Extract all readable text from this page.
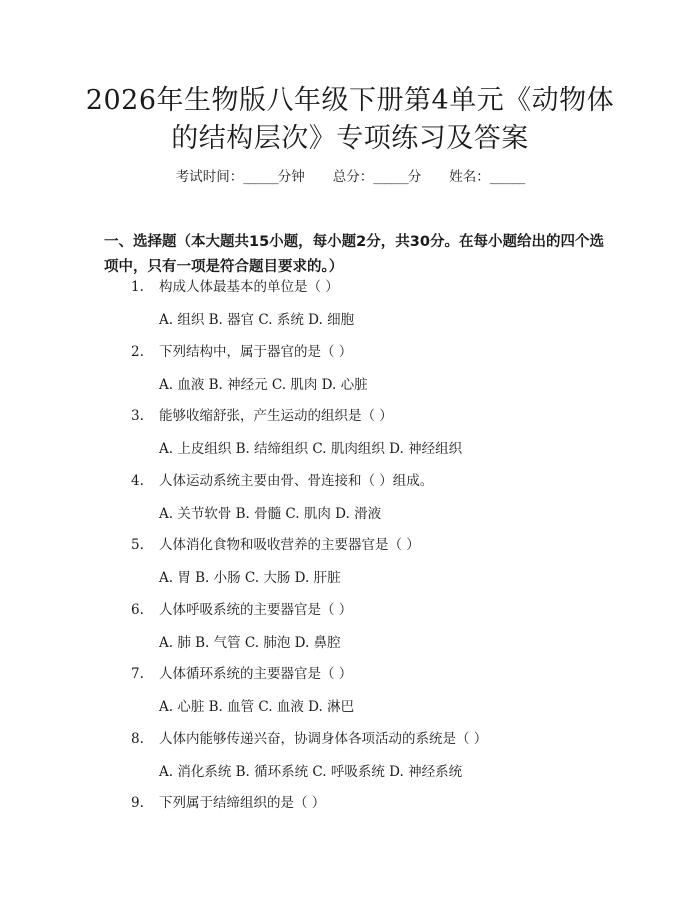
2026年生物版八年级下册第4单元《动物体
的结构层次》专项练习及答案
考试时间：______分钟 总分：______分 姓名：______
一、选择题（本大题共15小题，每小题2分，共30分。在每小题给出的四个选项中，只有一项是符合题目要求的。）
1. 构成人体最基本的单位是（ ）
A. 组织 B. 器官 C. 系统 D. 细胞
2. 下列结构中，属于器官的是（ ）
A. 血液 B. 神经元 C. 肌肉 D. 心脏
3. 能够收缩舒张，产生运动的组织是（ ）
A. 上皮组织 B. 结缔组织 C. 肌肉组织 D. 神经组织
4. 人体运动系统主要由骨、骨连接和（ ）组成。
A. 关节软骨 B. 骨髓 C. 肌肉 D. 滑液
5. 人体消化食物和吸收营养的主要器官是（ ）
A. 胃 B. 小肠 C. 大肠 D. 肝脏
6. 人体呼吸系统的主要器官是（ ）
A. 肺 B. 气管 C. 肺泡 D. 鼻腔
7. 人体循环系统的主要器官是（ ）
A. 心脏 B. 血管 C. 血液 D. 淋巴
8. 人体内能够传递兴奋，协调身体各项活动的系统是（ ）
A. 消化系统 B. 循环系统 C. 呼吸系统 D. 神经系统
9. 下列属于结缔组织的是（ ）
